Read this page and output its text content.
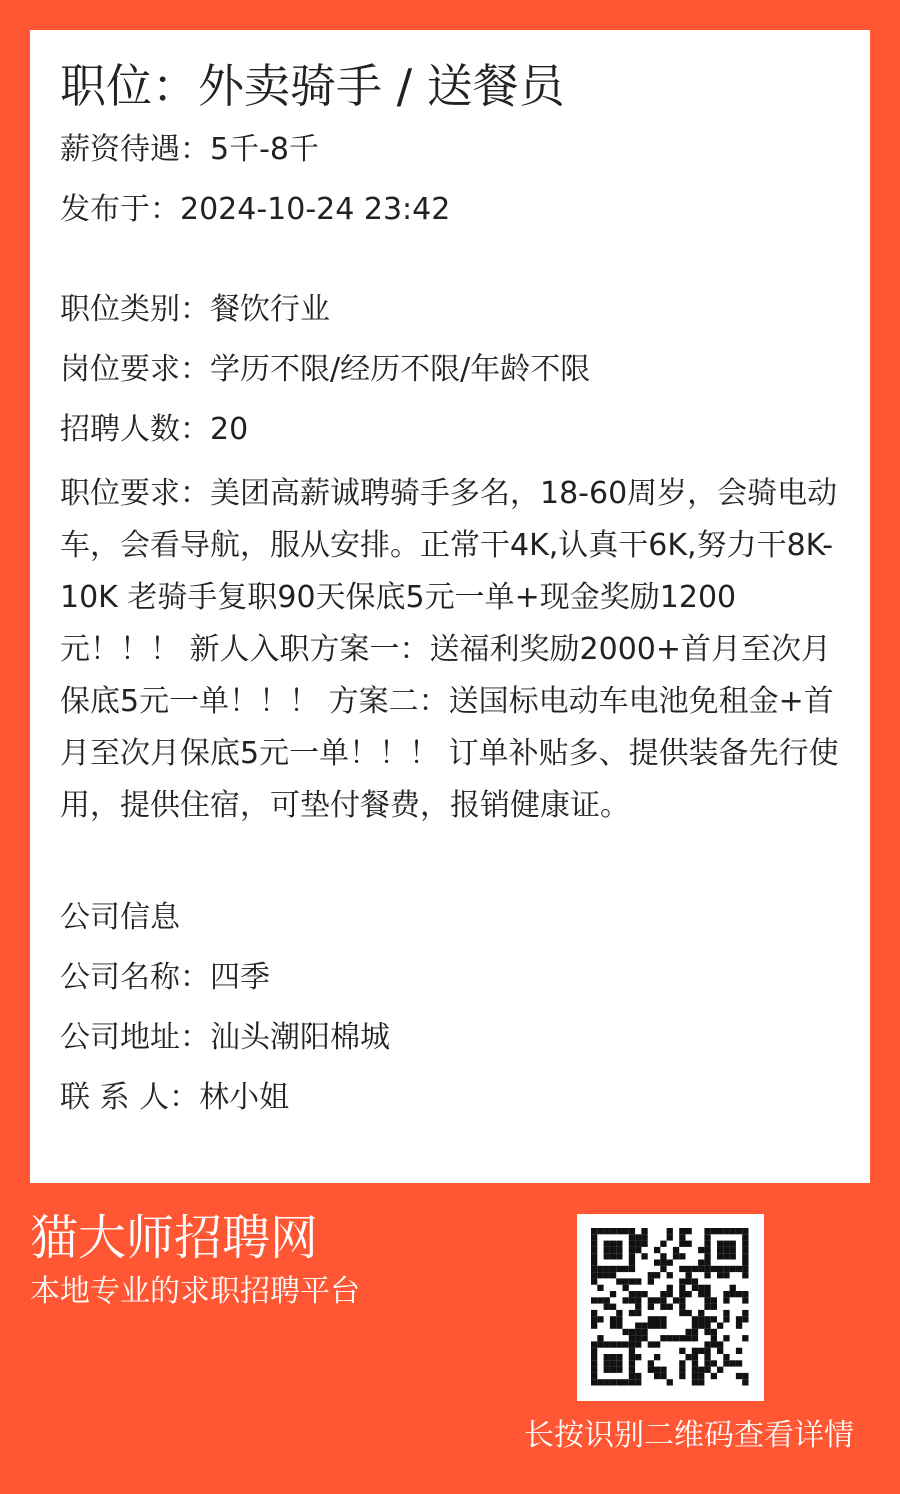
职位：外卖骑手 / 送餐员
薪资待遇：5千-8千
发布于：2024-10-24 23:42
职位类别：餐饮行业
岗位要求：学历不限/经历不限/年龄不限
招聘人数：20
职位要求：美团高薪诚聘骑手多名，18-60周岁，会骑电动车，会看导航，服从安排。正常干4K,认真干6K,努力干8K-10K 老骑手复职90天保底5元一单+现金奖励1200元！！！ 新人入职方案一：送福利奖励2000+首月至次月保底5元一单！！！ 方案二：送国标电动车电池免租金+首月至次月保底5元一单！！！ 订单补贴多、提供装备先行使用，提供住宿，可垫付餐费，报销健康证。
公司信息
公司名称：四季
公司地址：汕头潮阳棉城
联 系 人：林小姐
猫大师招聘网
本地专业的求职招聘平台
长按识别二维码查看详情
